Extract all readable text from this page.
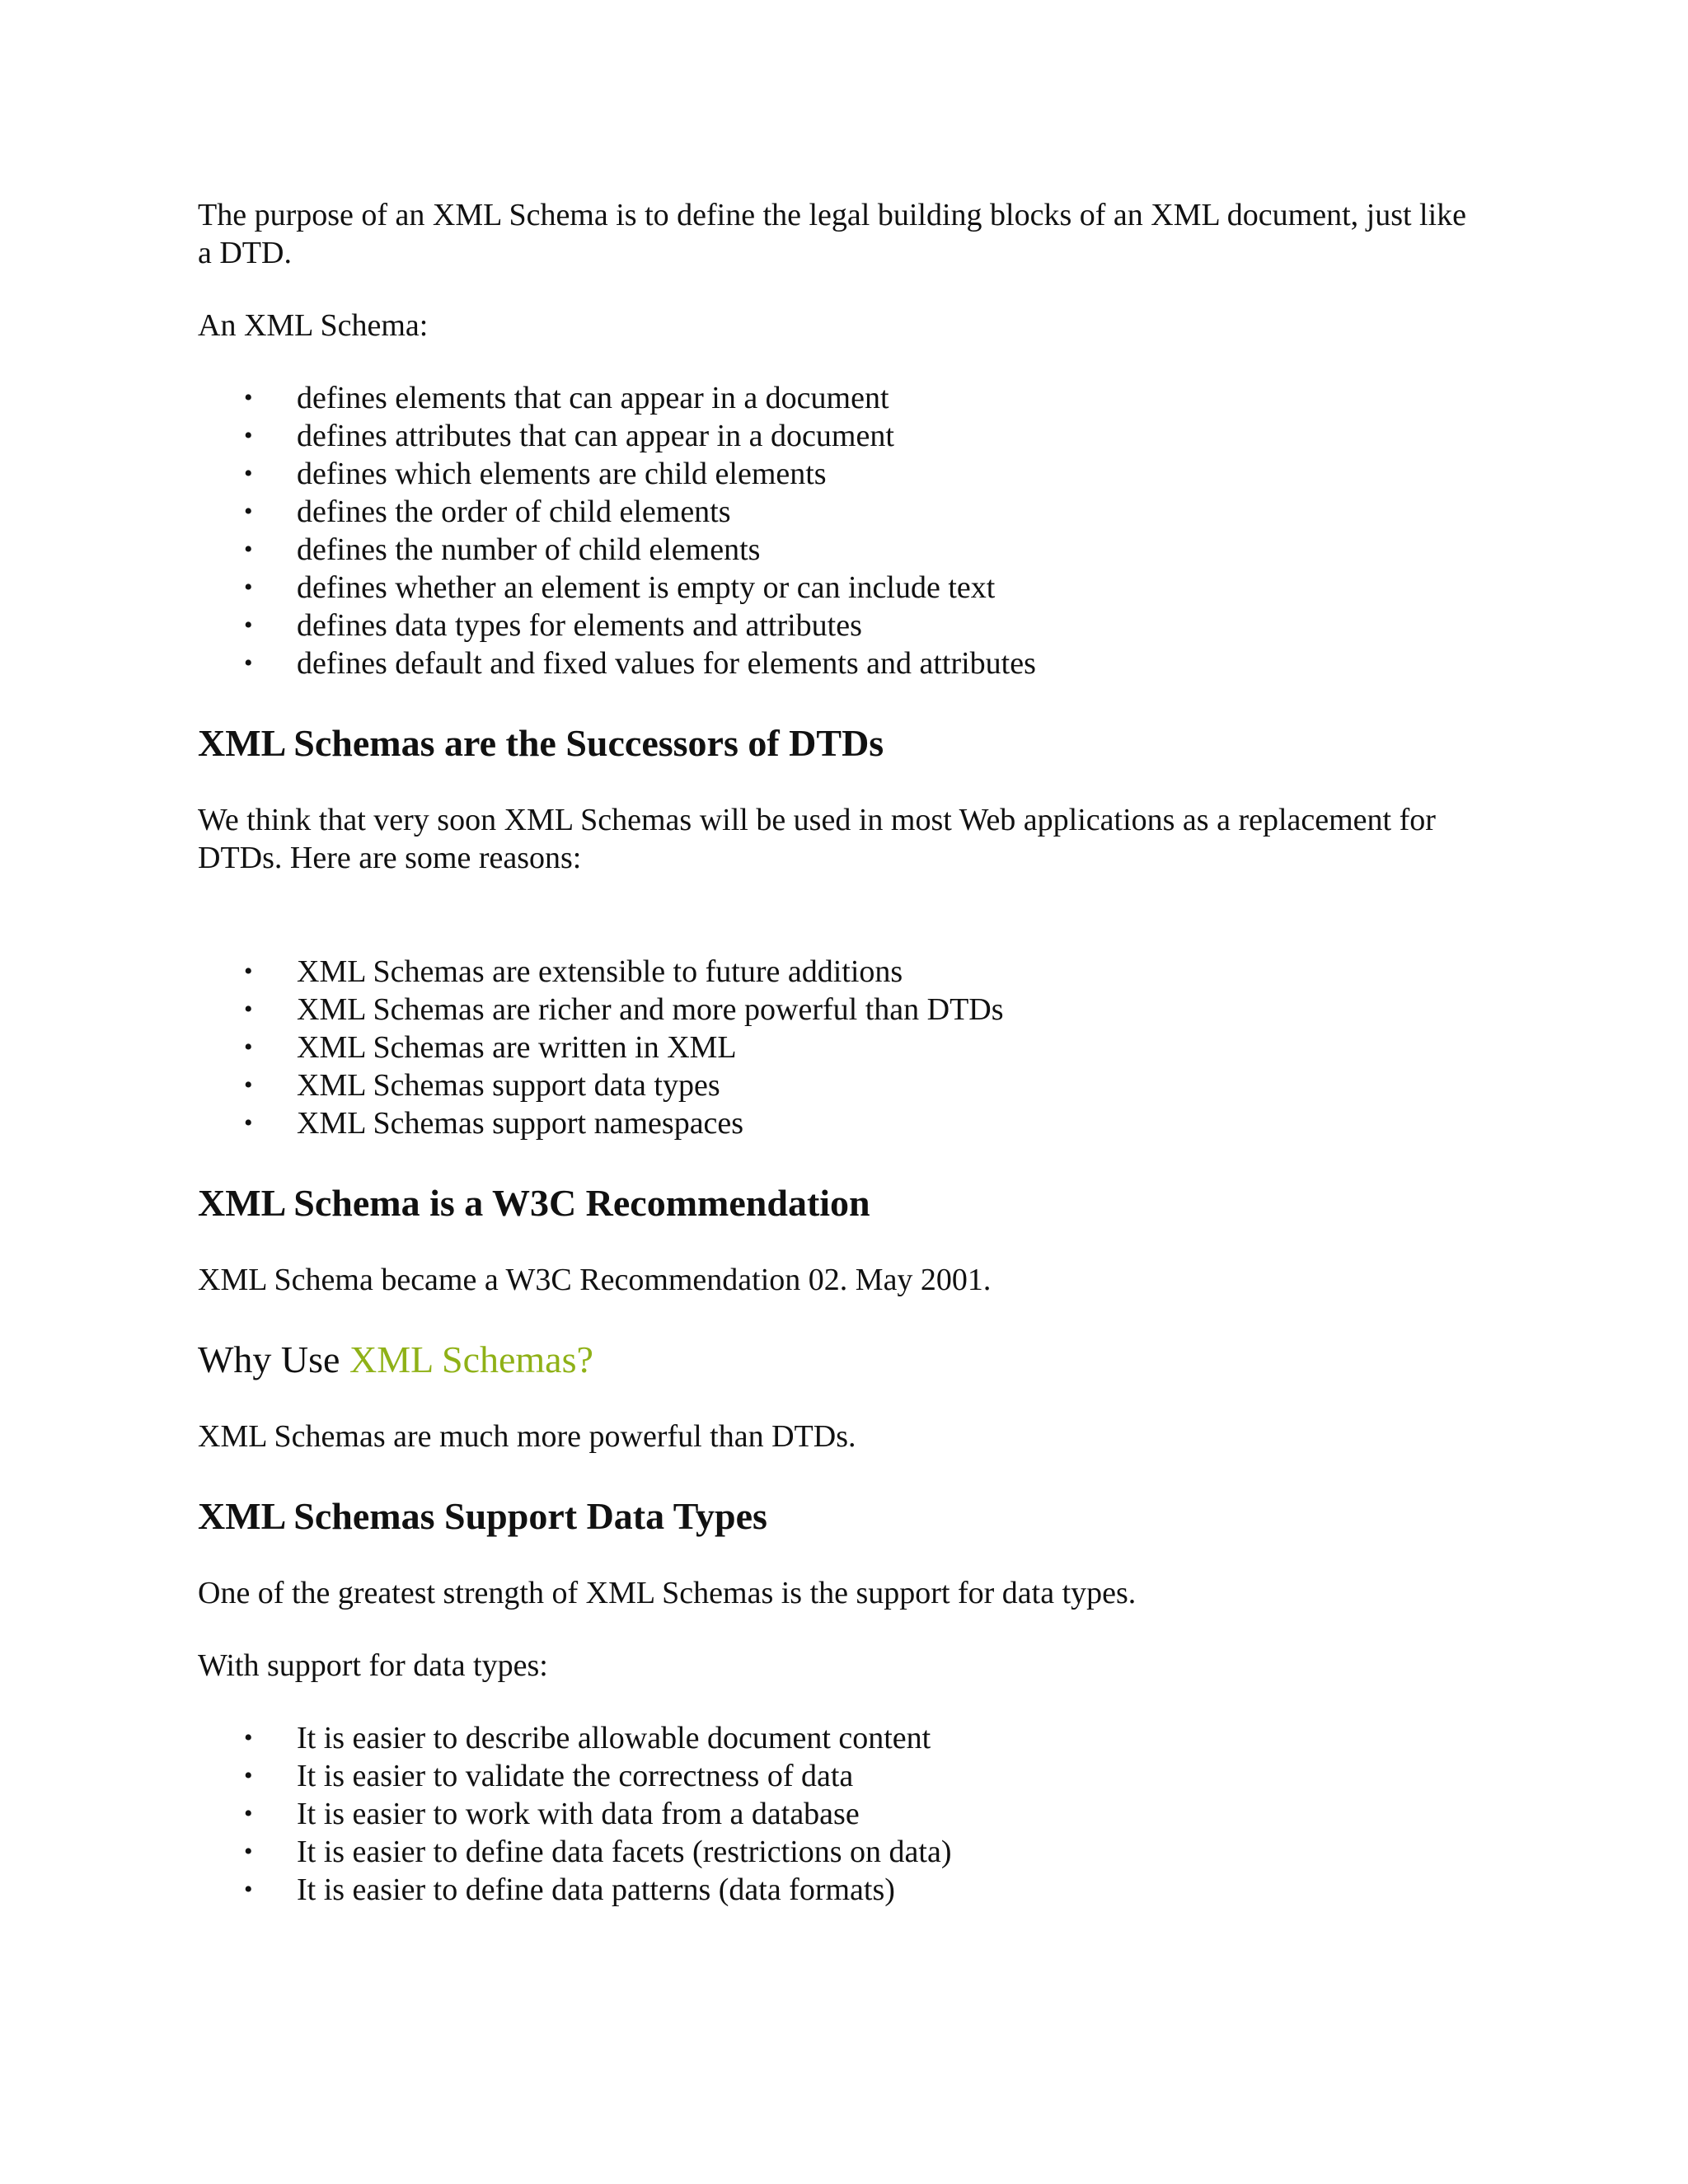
The purpose of an XML Schema is to define the legal building blocks of an XML document, just like a DTD.

An XML Schema:

• defines elements that can appear in a document
• defines attributes that can appear in a document
• defines which elements are child elements
• defines the order of child elements
• defines the number of child elements
• defines whether an element is empty or can include text
• defines data types for elements and attributes
• defines default and fixed values for elements and attributes
XML Schemas are the Successors of DTDs

We think that very soon XML Schemas will be used in most Web applications as a replacement for DTDs. Here are some reasons:

• XML Schemas are extensible to future additions
• XML Schemas are richer and more powerful than DTDs
• XML Schemas are written in XML
• XML Schemas support data types
• XML Schemas support namespaces
XML Schema is a W3C Recommendation

XML Schema became a W3C Recommendation 02. May 2001.

Why Use XML Schemas?

XML Schemas are much more powerful than DTDs.

XML Schemas Support Data Types

One of the greatest strength of XML Schemas is the support for data types.

With support for data types:

• It is easier to describe allowable document content
• It is easier to validate the correctness of data
• It is easier to work with data from a database
• It is easier to define data facets (restrictions on data)
• It is easier to define data patterns (data formats)
